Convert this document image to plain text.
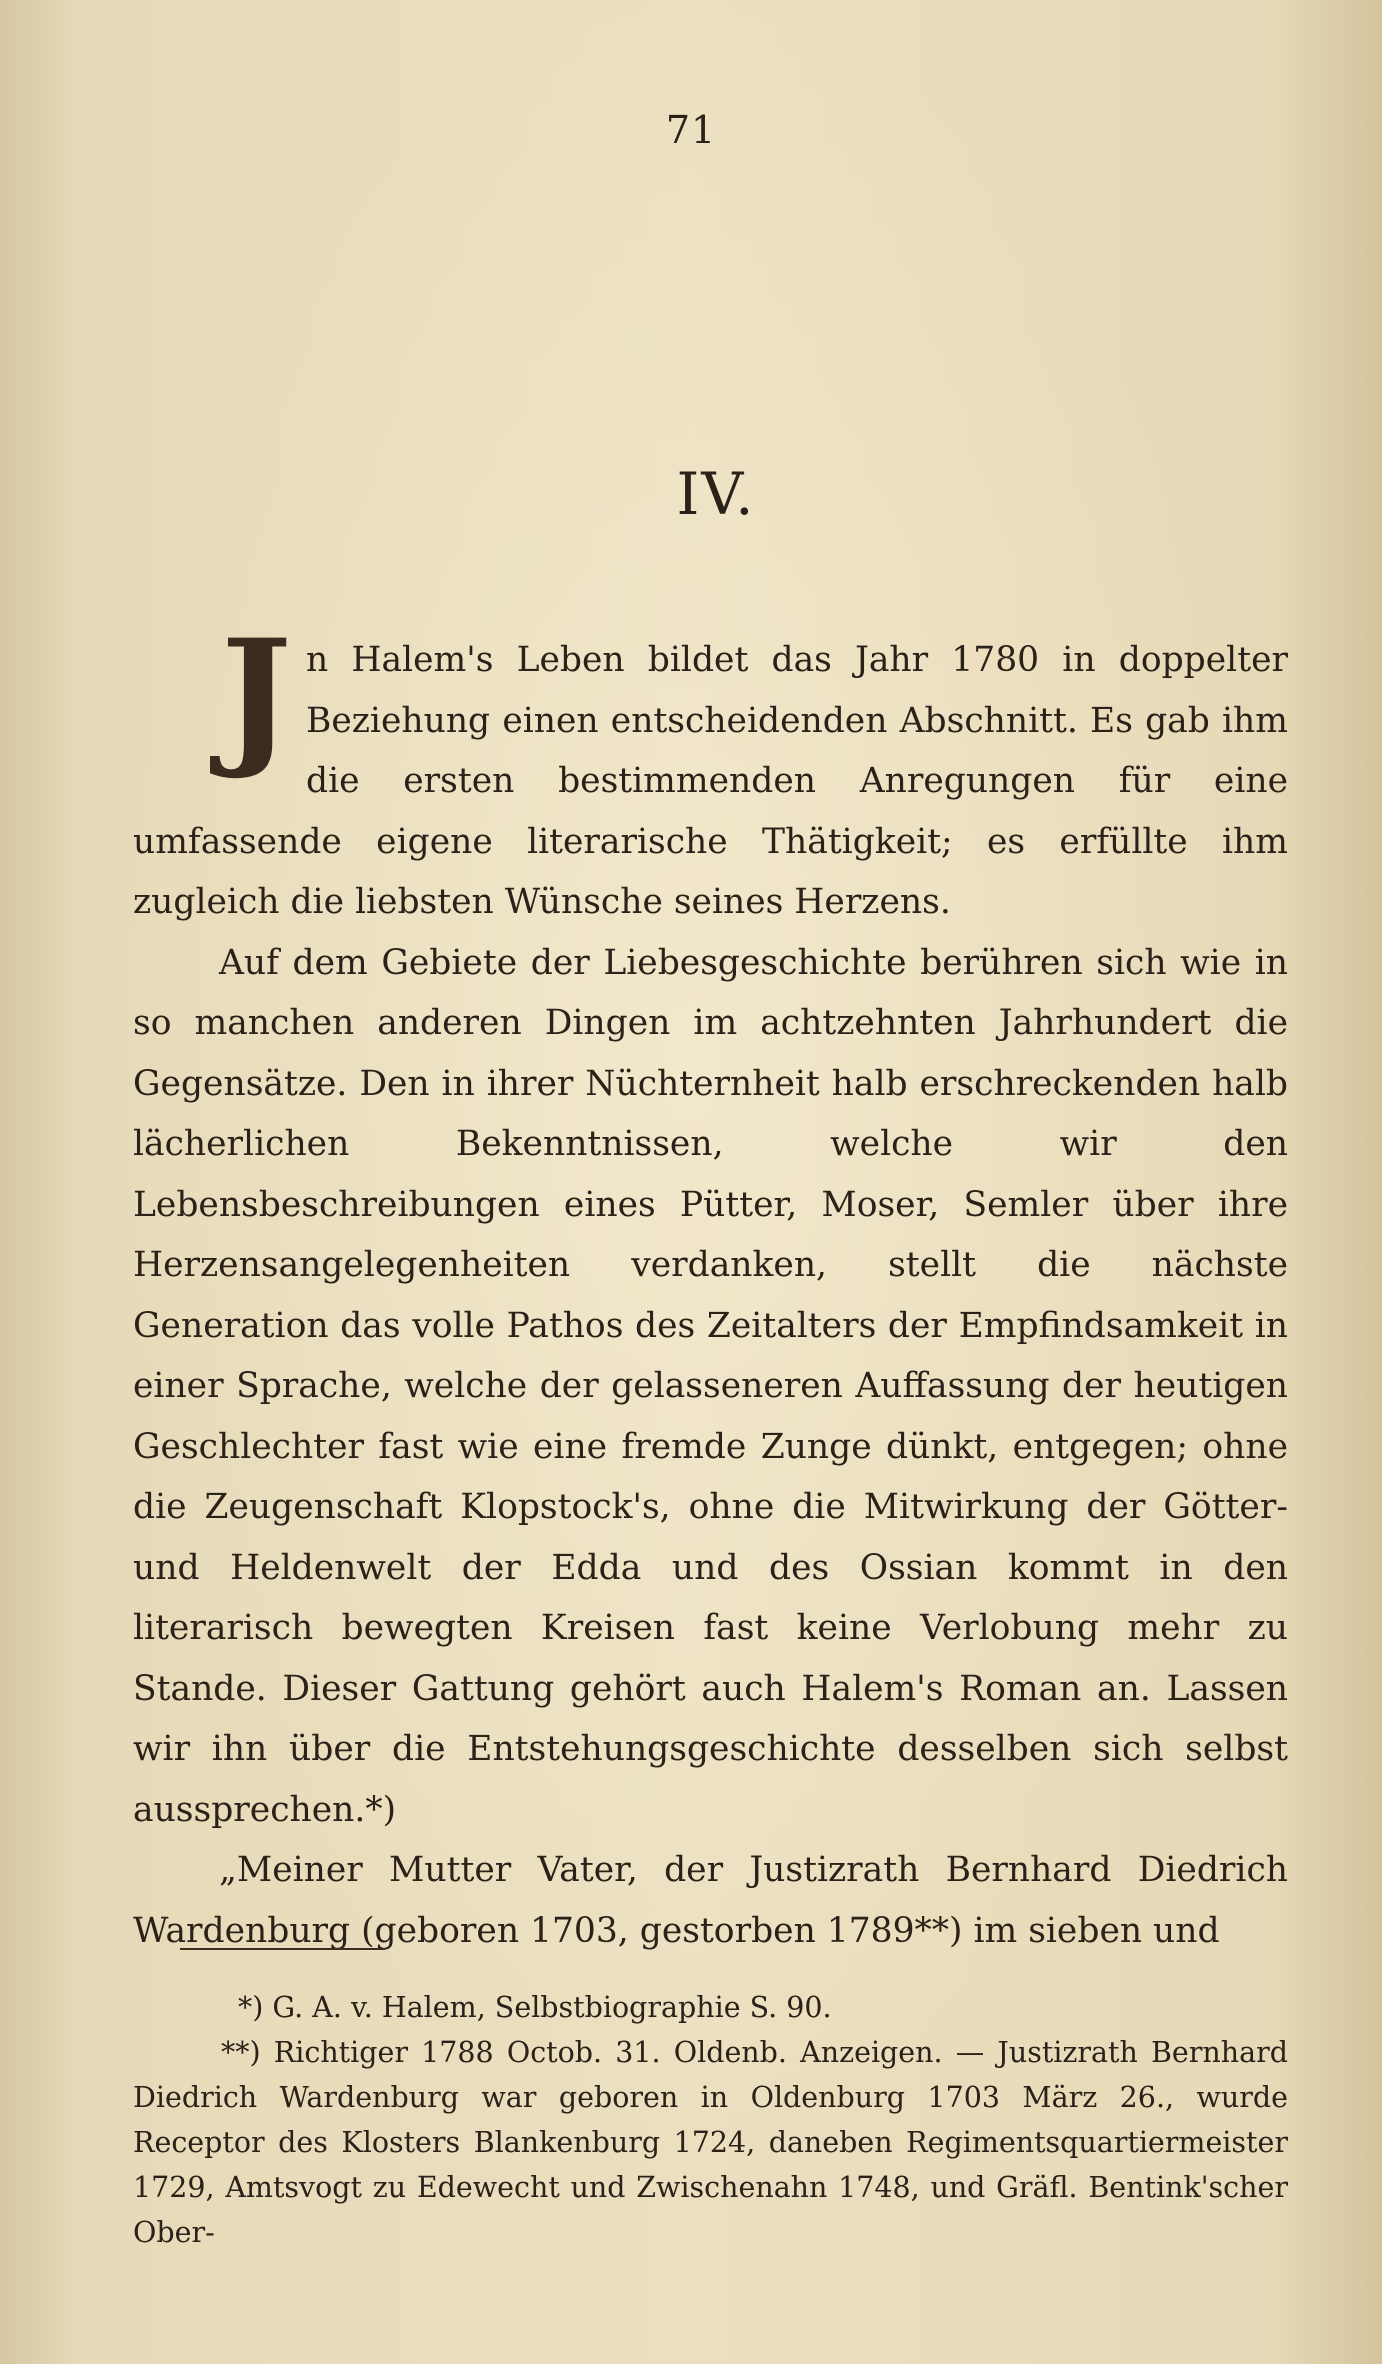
71
IV.

Jn Halem's Leben bildet das Jahr 1780 in doppelter Beziehung einen entscheidenden Abschnitt. Es gab ihm die ersten bestimmenden Anregungen für eine umfassende eigene literarische Thätigkeit; es erfüllte ihm zugleich die liebsten Wünsche seines Herzens.

Auf dem Gebiete der Liebesgeschichte berühren sich wie in so manchen anderen Dingen im achtzehnten Jahrhundert die Gegensätze. Den in ihrer Nüchternheit halb erschreckenden halb lächerlichen Bekenntnissen, welche wir den Lebensbeschreibungen eines Pütter, Moser, Semler über ihre Herzensangelegenheiten verdanken, stellt die nächste Generation das volle Pathos des Zeitalters der Empfindsamkeit in einer Sprache, welche der gelasseneren Auffassung der heutigen Geschlechter fast wie eine fremde Zunge dünkt, entgegen; ohne die Zeugenschaft Klopstock's, ohne die Mitwirkung der Götter- und Heldenwelt der Edda und des Ossian kommt in den literarisch bewegten Kreisen fast keine Verlobung mehr zu Stande. Dieser Gattung gehört auch Halem's Roman an. Lassen wir ihn über die Entstehungsgeschichte desselben sich selbst aussprechen.*)

„Meiner Mutter Vater, der Justizrath Bernhard Diedrich Wardenburg (geboren 1703, gestorben 1789**) im sieben und

*) G. A. v. Halem, Selbstbiographie S. 90.

**) Richtiger 1788 Octob. 31. Oldenb. Anzeigen. — Justizrath Bernhard Diedrich Wardenburg war geboren in Oldenburg 1703 März 26., wurde Receptor des Klosters Blankenburg 1724, daneben Regimentsquartiermeister 1729, Amtsvogt zu Edewecht und Zwischenahn 1748, und Gräfl. Bentink'scher Ober-
